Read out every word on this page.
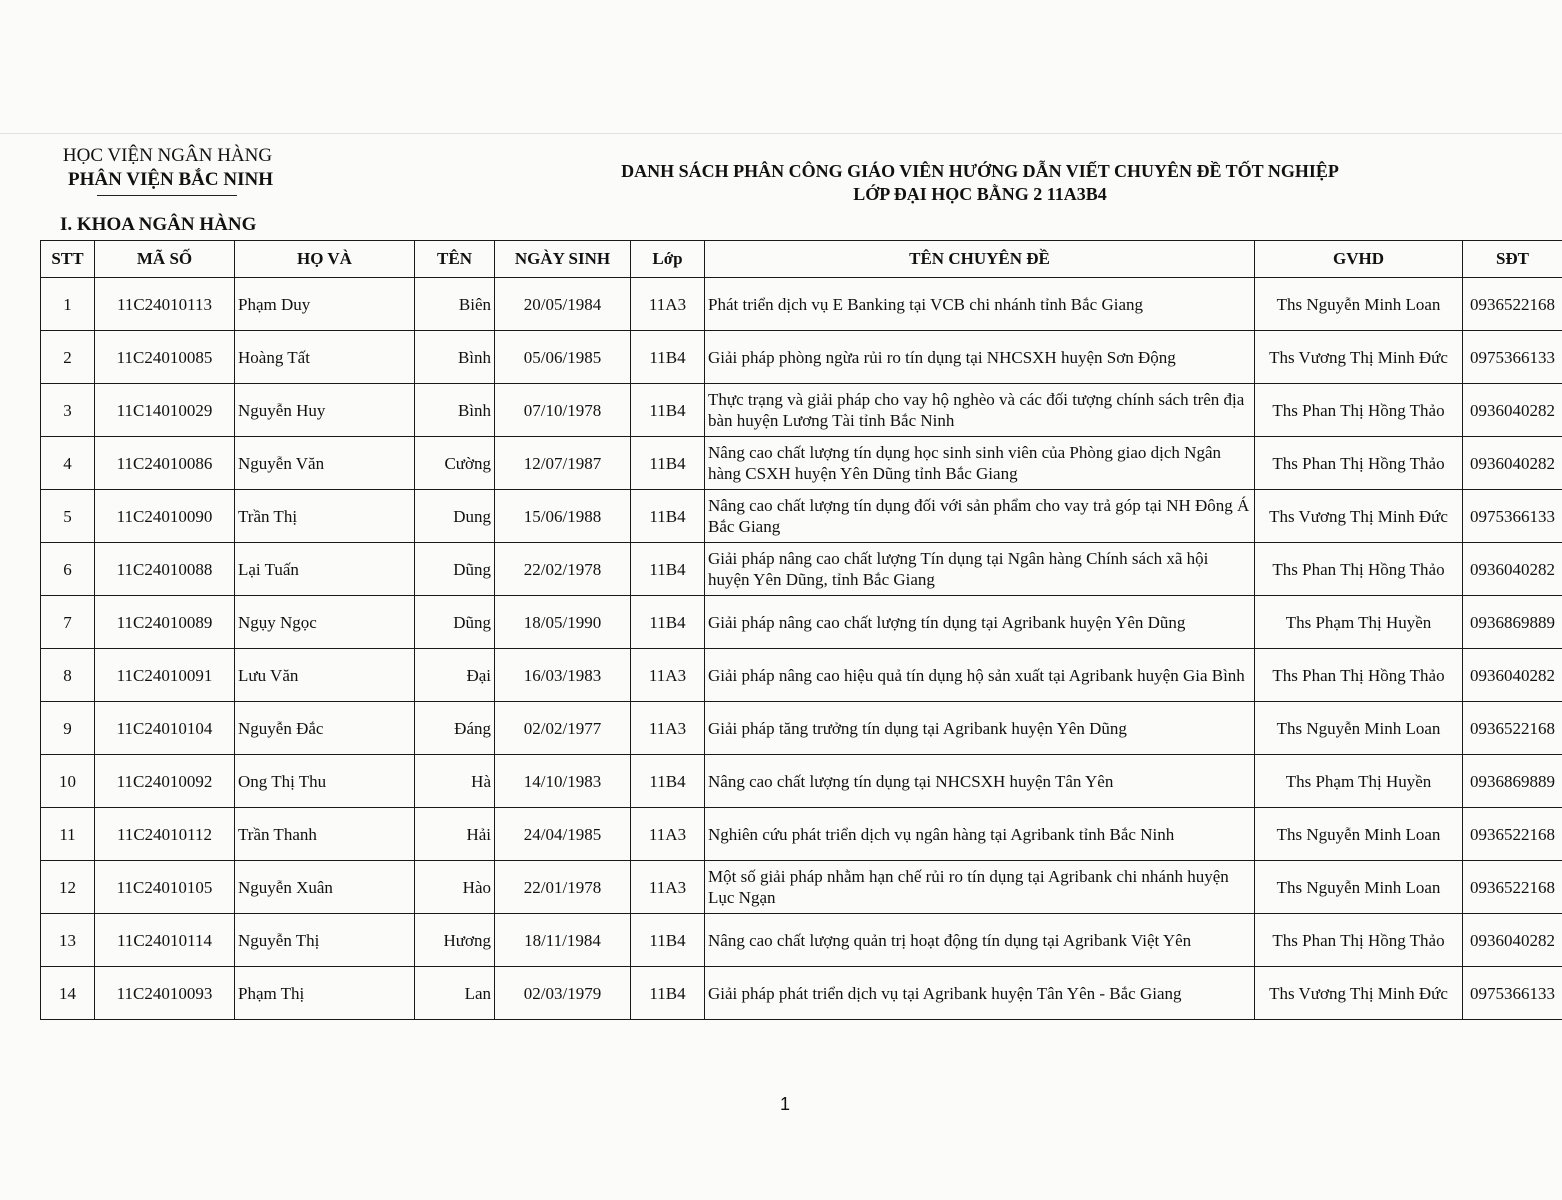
HỌC VIỆN NGÂN HÀNG
PHÂN VIỆN BẮC NINH	DANH SÁCH PHÂN CÔNG GIÁO VIÊN HƯỚNG DẪN VIẾT CHUYÊN ĐỀ TỐT NGHIỆP
LỚP ĐẠI HỌC BẰNG 2 11A3B4
I. KHOA NGÂN HÀNG
STT	MÃ SỐ	HỌ VÀ	TÊN	NGÀY SINH	Lớp	TÊN CHUYÊN ĐỀ	GVHD	SĐT
1	11C24010113	Phạm Duy	Biên	20/05/1984	11A3	Phát triển dịch vụ E Banking tại VCB chi nhánh tỉnh Bắc Giang	Ths Nguyễn Minh Loan	0936522168
2	11C24010085	Hoàng Tất	Bình	05/06/1985	11B4	Giải pháp phòng ngừa rủi ro tín dụng tại NHCSXH huyện Sơn Động	Ths Vương Thị Minh Đức	0975366133
3	11C14010029	Nguyễn Huy	Bình	07/10/1978	11B4	Thực trạng và giải pháp cho vay hộ nghèo và các đối tượng chính sách trên địa bàn huyện Lương Tài tỉnh Bắc Ninh	Ths Phan Thị Hồng Thảo	0936040282
4	11C24010086	Nguyễn Văn	Cường	12/07/1987	11B4	Nâng cao chất lượng tín dụng học sinh sinh viên của Phòng giao dịch Ngân hàng CSXH huyện Yên Dũng tỉnh Bắc Giang	Ths Phan Thị Hồng Thảo	0936040282
5	11C24010090	Trần Thị	Dung	15/06/1988	11B4	Nâng cao chất lượng tín dụng đối với sản phẩm cho vay trả góp tại NH Đông Á Bắc Giang	Ths Vương Thị Minh Đức	0975366133
6	11C24010088	Lại Tuấn	Dũng	22/02/1978	11B4	Giải pháp nâng cao chất lượng Tín dụng tại Ngân hàng Chính sách xã hội huyện Yên Dũng, tỉnh Bắc Giang	Ths Phan Thị Hồng Thảo	0936040282
7	11C24010089	Ngụy Ngọc	Dũng	18/05/1990	11B4	Giải pháp nâng cao chất lượng tín dụng tại Agribank huyện Yên Dũng	Ths Phạm Thị Huyền	0936869889
8	11C24010091	Lưu Văn	Đại	16/03/1983	11A3	Giải pháp nâng cao hiệu quả tín dụng hộ sản xuất tại Agribank huyện Gia Bình	Ths Phan Thị Hồng Thảo	0936040282
9	11C24010104	Nguyễn Đắc	Đáng	02/02/1977	11A3	Giải pháp tăng trưởng tín dụng tại Agribank huyện Yên Dũng	Ths Nguyễn Minh Loan	0936522168
10	11C24010092	Ong Thị Thu	Hà	14/10/1983	11B4	Nâng cao chất lượng tín dụng tại NHCSXH huyện Tân Yên	Ths Phạm Thị Huyền	0936869889
11	11C24010112	Trần Thanh	Hải	24/04/1985	11A3	Nghiên cứu phát triển dịch vụ ngân hàng tại Agribank tỉnh Bắc Ninh	Ths Nguyễn Minh Loan	0936522168
12	11C24010105	Nguyễn Xuân	Hào	22/01/1978	11A3	Một số giải pháp nhằm hạn chế rủi ro tín dụng tại Agribank chi nhánh huyện Lục Ngạn	Ths Nguyễn Minh Loan	0936522168
13	11C24010114	Nguyễn Thị	Hương	18/11/1984	11B4	Nâng cao chất lượng quản trị hoạt động tín dụng tại Agribank Việt Yên	Ths Phan Thị Hồng Thảo	0936040282
14	11C24010093	Phạm Thị	Lan	02/03/1979	11B4	Giải pháp phát triển dịch vụ tại Agribank huyện Tân Yên - Bắc Giang	Ths Vương Thị Minh Đức	0975366133
1
